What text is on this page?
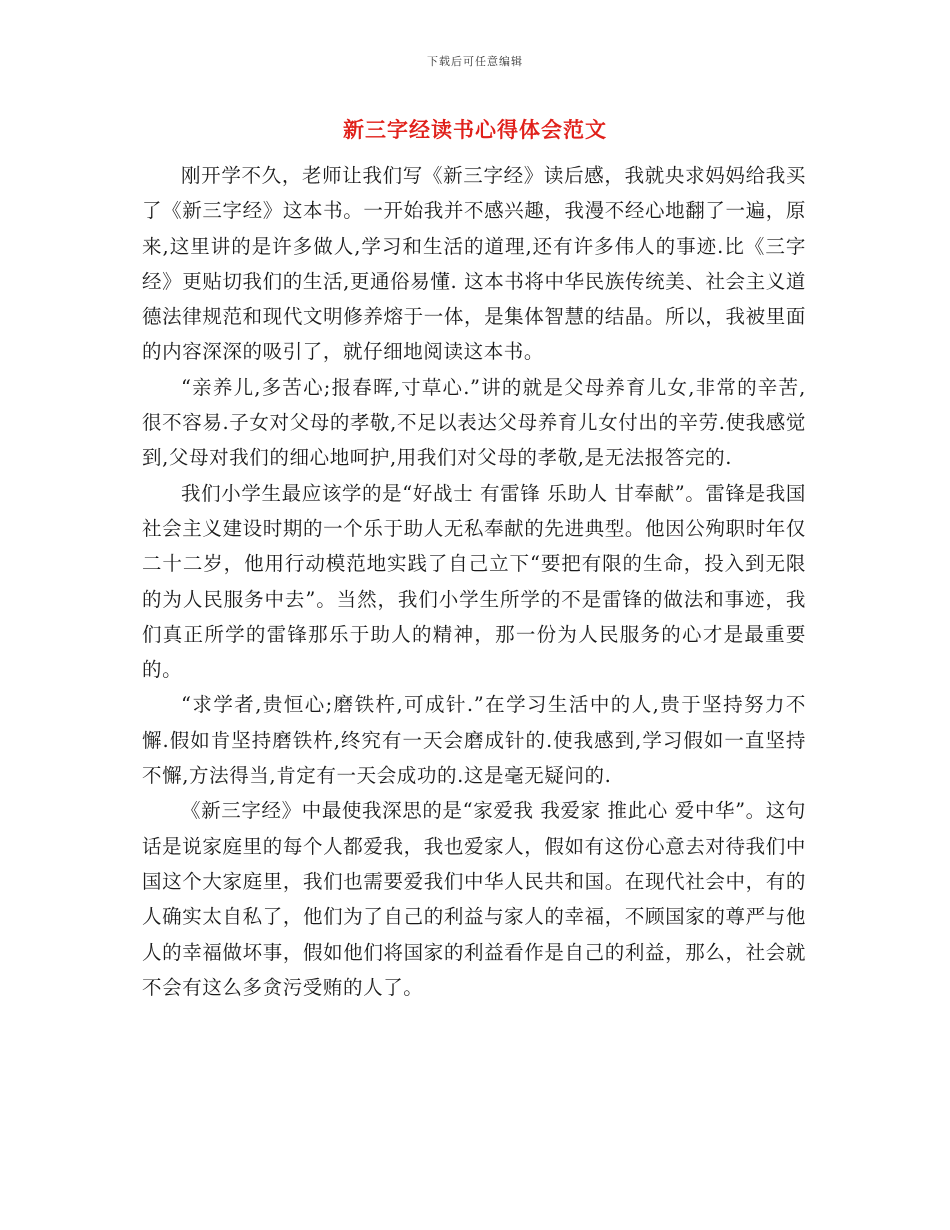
下载后可任意编辑
新三字经读书心得体会范文

刚开学不久，老师让我们写《新三字经》读后感，我就央求妈妈给我买了《新三字经》这本书。一开始我并不感兴趣，我漫不经心地翻了一遍，原来,这里讲的是许多做人,学习和生活的道理,还有许多伟人的事迹.比《三字经》更贴切我们的生活,更通俗易懂. 这本书将中华民族传统美、社会主义道德法律规范和现代文明修养熔于一体，是集体智慧的结晶。所以，我被里面的内容深深的吸引了，就仔细地阅读这本书。

“亲养儿,多苦心;报春晖,寸草心.”讲的就是父母养育儿女,非常的辛苦,很不容易.子女对父母的孝敬,不足以表达父母养育儿女付出的辛劳.使我感觉到,父母对我们的细心地呵护,用我们对父母的孝敬,是无法报答完的.

我们小学生最应该学的是“好战士 有雷锋 乐助人 甘奉献”。雷锋是我国社会主义建设时期的一个乐于助人无私奉献的先进典型。他因公殉职时年仅二十二岁，他用行动模范地实践了自己立下“要把有限的生命，投入到无限的为人民服务中去”。当然，我们小学生所学的不是雷锋的做法和事迹，我们真正所学的雷锋那乐于助人的精神，那一份为人民服务的心才是最重要的。

“求学者,贵恒心;磨铁杵,可成针.”在学习生活中的人,贵于坚持努力不懈.假如肯坚持磨铁杵,终究有一天会磨成针的.使我感到,学习假如一直坚持不懈,方法得当,肯定有一天会成功的.这是毫无疑问的.

《新三字经》中最使我深思的是“家爱我 我爱家 推此心 爱中华”。这句话是说家庭里的每个人都爱我，我也爱家人，假如有这份心意去对待我们中国这个大家庭里，我们也需要爱我们中华人民共和国。在现代社会中，有的人确实太自私了，他们为了自己的利益与家人的幸福，不顾国家的尊严与他人的幸福做坏事，假如他们将国家的利益看作是自己的利益，那么，社会就不会有这么多贪污受贿的人了。
